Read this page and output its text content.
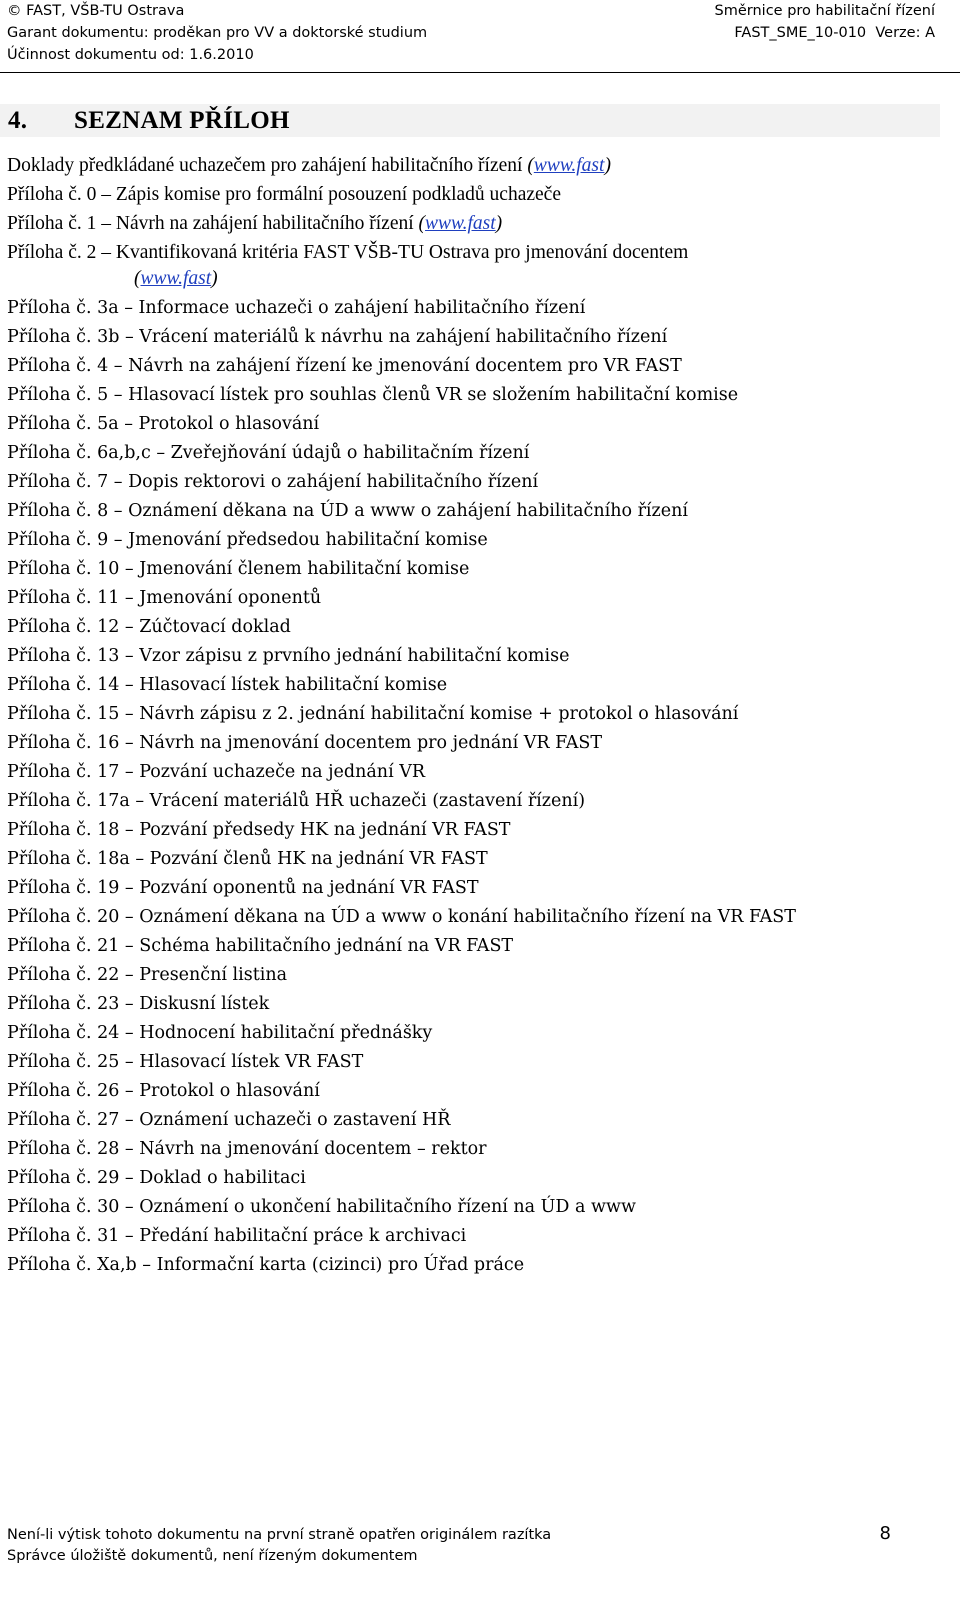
© FAST, VŠB-TU Ostrava	Směrnice pro habilitační řízení
Garant dokumentu: proděkan pro VV a doktorské studium	FAST_SME_10-010  Verze: A
Účinnost dokumentu od: 1.6.2010
4. SEZNAM PŘÍLOH
Doklady předkládané uchazečem pro zahájení habilitačního řízení (www.fast)
Příloha č. 0 – Zápis komise pro formální posouzení podkladů uchazeče
Příloha č. 1 – Návrh na zahájení habilitačního řízení (www.fast)
Příloha č. 2 – Kvantifikovaná kritéria FAST VŠB-TU Ostrava pro jmenování docentem
(www.fast)
Příloha č. 3a – Informace uchazeči o zahájení habilitačního řízení
Příloha č. 3b – Vrácení materiálů k návrhu na zahájení habilitačního řízení
Příloha č. 4 – Návrh na zahájení řízení ke jmenování docentem pro VR FAST
Příloha č. 5 – Hlasovací lístek pro souhlas členů VR se složením habilitační komise
Příloha č. 5a – Protokol o hlasování
Příloha č. 6a,b,c – Zveřejňování údajů o habilitačním řízení
Příloha č. 7 – Dopis rektorovi o zahájení habilitačního řízení
Příloha č. 8 – Oznámení děkana na ÚD a www o zahájení habilitačního řízení
Příloha č. 9 – Jmenování předsedou habilitační komise
Příloha č. 10 – Jmenování členem habilitační komise
Příloha č. 11 – Jmenování oponentů
Příloha č. 12 – Zúčtovací doklad
Příloha č. 13 – Vzor zápisu z prvního jednání habilitační komise
Příloha č. 14 – Hlasovací lístek habilitační komise
Příloha č. 15 – Návrh zápisu z 2. jednání habilitační komise + protokol o hlasování
Příloha č. 16 – Návrh na jmenování docentem pro jednání VR FAST
Příloha č. 17 – Pozvání uchazeče na jednání VR
Příloha č. 17a – Vrácení materiálů HŘ uchazeči (zastavení řízení)
Příloha č. 18 – Pozvání předsedy HK na jednání VR FAST
Příloha č. 18a – Pozvání členů HK na jednání VR FAST
Příloha č. 19 – Pozvání oponentů na jednání VR FAST
Příloha č. 20 – Oznámení děkana na ÚD a www o konání habilitačního řízení na VR FAST
Příloha č. 21 – Schéma habilitačního jednání na VR FAST
Příloha č. 22 – Presenční listina
Příloha č. 23 – Diskusní lístek
Příloha č. 24 – Hodnocení habilitační přednášky
Příloha č. 25 – Hlasovací lístek VR FAST
Příloha č. 26 – Protokol o hlasování
Příloha č. 27 – Oznámení uchazeči o zastavení HŘ
Příloha č. 28 – Návrh na jmenování docentem – rektor
Příloha č. 29 – Doklad o habilitaci
Příloha č. 30 – Oznámení o ukončení habilitačního řízení na ÚD a www
Příloha č. 31 – Předání habilitační práce k archivaci
Příloha č. Xa,b – Informační karta (cizinci) pro Úřad práce
Není-li výtisk tohoto dokumentu na první straně opatřen originálem razítka	8
Správce úložiště dokumentů, není řízeným dokumentem
